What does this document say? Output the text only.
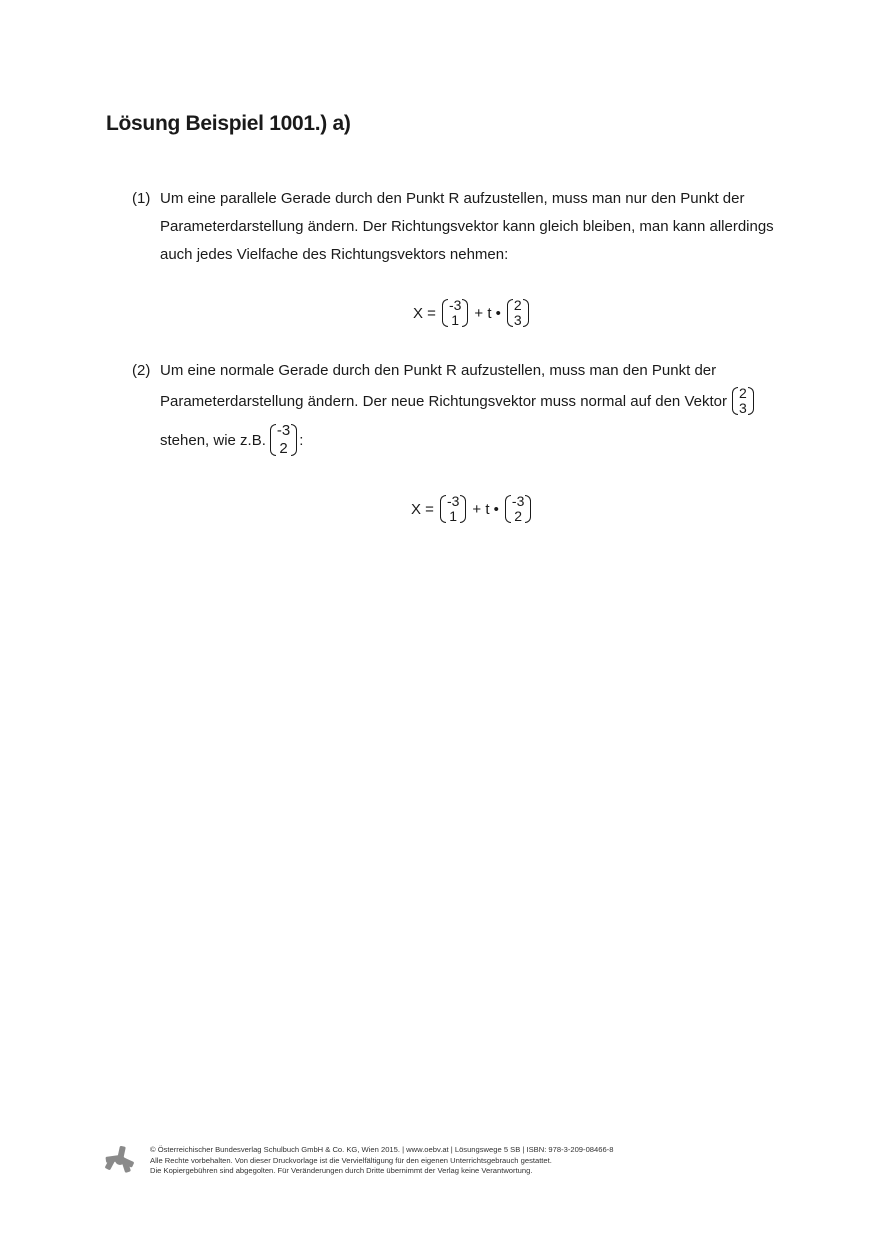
Lösung Beispiel 1001.) a)
(1) Um eine parallele Gerade durch den Punkt R aufzustellen, muss man nur den Punkt der
Parameterdarstellung ändern. Der Richtungsvektor kann gleich bleiben, man kann allerdings
auch jedes Vielfache des Richtungsvektors nehmen:
X = -3
1 + t • 2
3
(2) Um eine normale Gerade durch den Punkt R aufzustellen, muss man den Punkt der
Parameterdarstellung ändern. Der neue Richtungsvektor muss normal auf den Vektor 2
3
stehen, wie z.B.
-3
2 :
X = -3
1 + t • -3
2
© Österreichischer Bundesverlag Schulbuch GmbH & Co. KG, Wien 2015. | www.oebv.at | Lösungswege 5 SB | ISBN: 978-3-209-08466-8
Alle Rechte vorbehalten. Von dieser Druckvorlage ist die Vervielfältigung für den eigenen Unterrichtsgebrauch gestattet.
Die Kopiergebühren sind abgegolten. Für Veränderungen durch Dritte übernimmt der Verlag keine Verantwortung.
